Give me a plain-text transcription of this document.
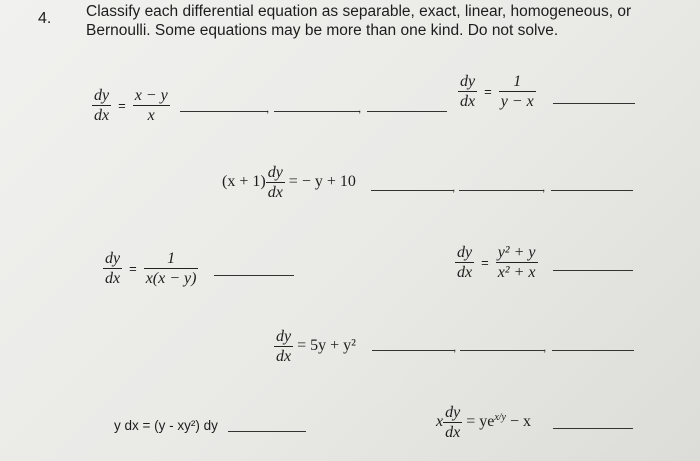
4. Classify each differential equation as separable, exact, linear, homogeneous, or
Bernoulli. Some equations may be more than one kind. Do not solve.
$\frac{dy}{dx} = \frac{x - y}{x}$	,	,	$\frac{dy}{dx} = \frac{1}{y - x}$
$(x + 1) \frac{dy}{dx}$ = − y + 10	,	,
$\frac{dy}{dx} = \frac{1}{x(x - y)}$	$\frac{dy}{dx} = \frac{\text{y² + y}}{\text{x² + x}}$
$\frac{dy}{dx} = 5y + y^2$	,	,
y dx = (y - xy²) dy	x $\frac{dy}{dx} = ye^{x/y} - x$
